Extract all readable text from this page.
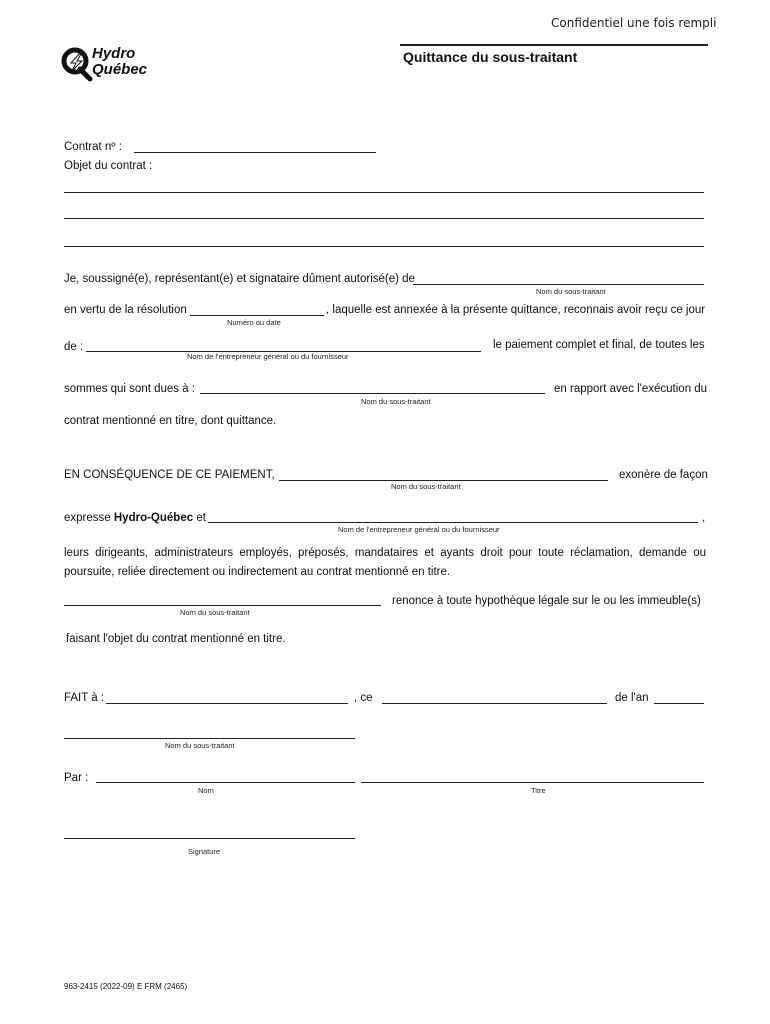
Confidentiel une fois rempli
Hydro
Québec
Quittance du sous-traitant
Contrat nº :
Objet du contrat :
Je, soussigné(e), représentant(e) et signataire dûment autorisé(e) de
Nom du sous-traitant
en vertu de la résolution	, laquelle est annexée à la présente quittance, reconnais avoir reçu ce jour
Numéro ou date
de :	le paiement complet et final, de toutes les
Nom de l'entrepreneur général ou du fournisseur
sommes qui sont dues à :	en rapport avec l'exécution du
Nom du sous-traitant
contrat mentionné en titre, dont quittance.
EN CONSÉQUENCE DE CE PAIEMENT,	exonère de façon
Nom du sous-traitant
expresse Hydro-Québec et	,
Nom de l'entrepreneur général ou du fournisseur
leurs dirigeants, administrateurs employés, préposés, mandataires et ayants droit pour toute réclamation, demande ou
poursuite, reliée directement ou indirectement au contrat mentionné en titre.
renonce à toute hypothèque légale sur le ou les immeuble(s)
Nom du sous-traitant
faisant l'objet du contrat mentionné en titre.
FAIT à :	, ce	de l'an
Nom du sous-traitant
Par :
Nom	Titre
Signature
963-2415 (2022-09) E FRM (2465)
